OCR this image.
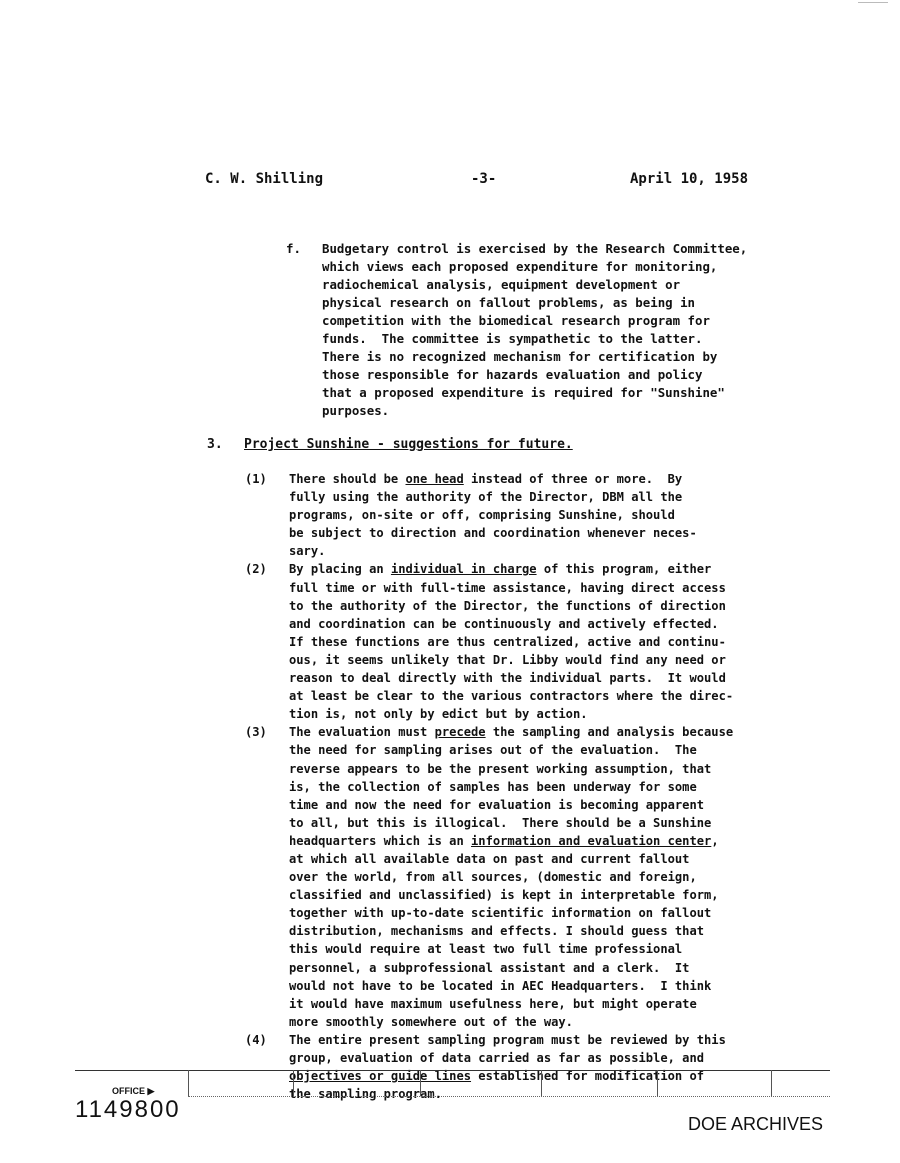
C. W. Shilling	-3-	April 10, 1958
f. Budgetary control is exercised by the Research Committee,
which views each proposed expenditure for monitoring,
radiochemical analysis, equipment development or
physical research on fallout problems, as being in
competition with the biomedical research program for
funds.  The committee is sympathetic to the latter.
There is no recognized mechanism for certification by
those responsible for hazards evaluation and policy
that a proposed expenditure is required for "Sunshine"
purposes.
3. Project Sunshine - suggestions for future.
(1) There should be one head instead of three or more.  By
fully using the authority of the Director, DBM all the
programs, on-site or off, comprising Sunshine, should
be subject to direction and coordination whenever neces-
sary.
(2) By placing an individual in charge of this program, either
full time or with full-time assistance, having direct access
to the authority of the Director, the functions of direction
and coordination can be continuously and actively effected.
If these functions are thus centralized, active and continu-
ous, it seems unlikely that Dr. Libby would find any need or
reason to deal directly with the individual parts.  It would
at least be clear to the various contractors where the direc-
tion is, not only by edict but by action.
(3) The evaluation must precede the sampling and analysis because
the need for sampling arises out of the evaluation.  The
reverse appears to be the present working assumption, that
is, the collection of samples has been underway for some
time and now the need for evaluation is becoming apparent
to all, but this is illogical.  There should be a Sunshine
headquarters which is an information and evaluation center,
at which all available data on past and current fallout
over the world, from all sources, (domestic and foreign,
classified and unclassified) is kept in interpretable form,
together with up-to-date scientific information on fallout
distribution, mechanisms and effects. I should guess that
this would require at least two full time professional
personnel, a subprofessional assistant and a clerk.  It
would not have to be located in AEC Headquarters.  I think
it would have maximum usefulness here, but might operate
more smoothly somewhere out of the way.
(4) The entire present sampling program must be reviewed by this
group, evaluation of data carried as far as possible, and
objectives or guide lines established for modification of
the sampling program.
OFFICE ▶
1149800
DOE ARCHIVES
